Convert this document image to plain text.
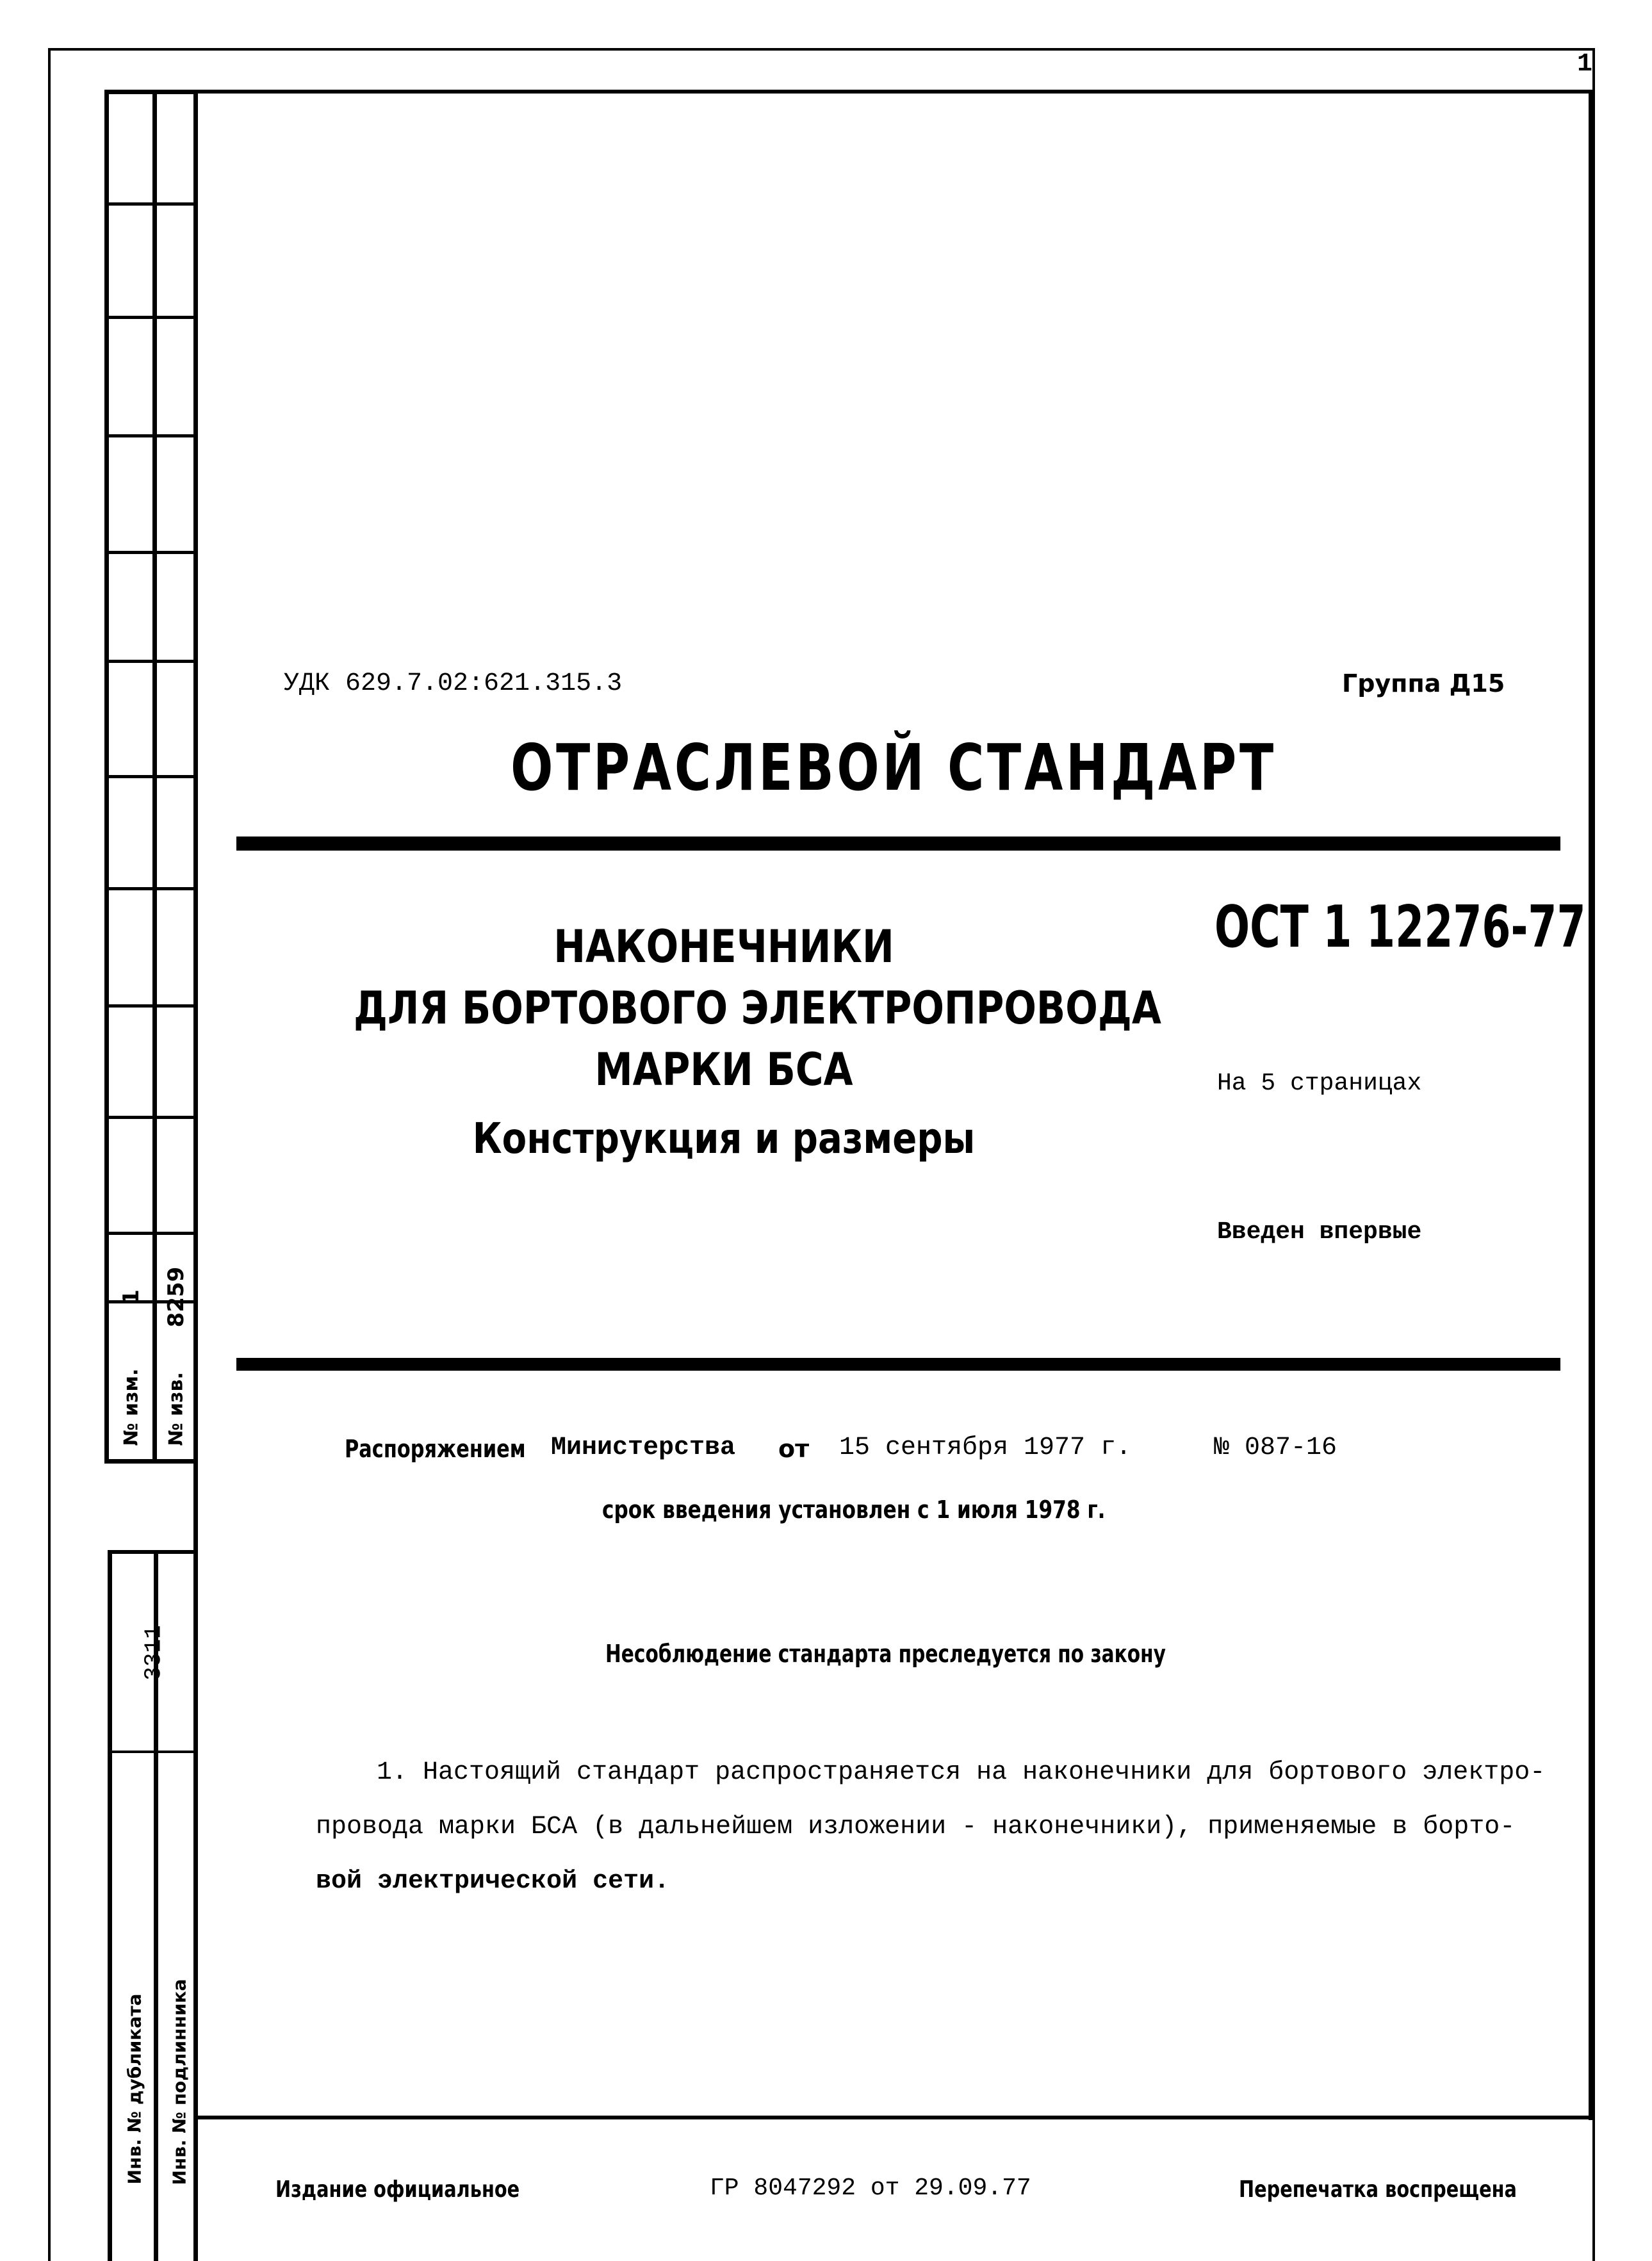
1
№ изм.
1
№ изв.
8259
3311
Инв. № дубликата Инв. № подлинника
УДК 629.7.02:621.315.3	Группа Д15
ОТРАСЛЕВОЙ СТАНДАРТ
НАКОНЕЧНИКИ
ДЛЯ БОРТОВОГО ЭЛЕКТРОПРОВОДА
МАРКИ БСА
Конструкция и размеры
ОСТ 1 12276-77
На 5 страницах
Введен впервые
Распоряжением Министерства от 15 сентября 1977 г.	№ 087-16
срок введения установлен с 1 июля 1978 г.
Несоблюдение стандарта преследуется по закону
1. Настоящий стандарт распространяется на наконечники для бортового электро-
провода марки БСА (в дальнейшем изложении - наконечники), применяемые в борто-
вой электрической сети.
Издание официальное	ГР 8047292 от 29.09.77	Перепечатка воспрещена
